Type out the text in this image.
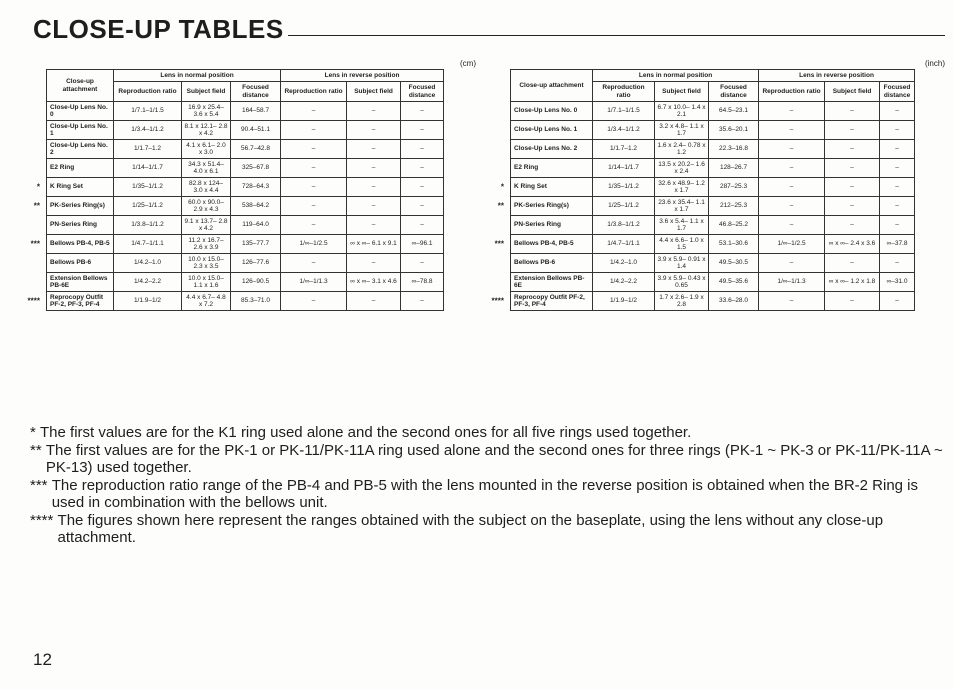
CLOSE-UP TABLES
(cm)
Close-up attachment	Lens in normal position			Lens in reverse position		
	Reproduction ratio	Subject field	Focused distance	Reproduction ratio	Subject field	Focused distance
Close-Up Lens No. 0	1/7.1–1/1.5	16.9 x 25.4– 3.6 x 5.4	164–58.7	–	–	–
Close-Up Lens No. 1	1/3.4–1/1.2	8.1 x 12.1– 2.8 x 4.2	90.4–51.1	–	–	–
Close-Up Lens No. 2	1/1.7–1.2	4.1 x 6.1– 2.0 x 3.0	56.7–42.8	–	–	–
E2 Ring	1/14–1/1.7	34.3 x 51.4– 4.0 x 6.1	325–67.8	–	–	–

* K Ring Set	1/35–1/1.2	82.8 x 124– 3.0 x 4.4	728–64.3	–	–	–

** PK-Series Ring(s)	1/25–1/1.2	60.0 x 90.0– 2.9 x 4.3	538–64.2	–	–	–
PN-Series Ring	1/3.8–1/1.2	9.1 x 13.7– 2.8 x 4.2	119–64.0	–	–	–

*** Bellows PB-4, PB-5	1/4.7–1/1.1	11.2 x 16.7– 2.6 x 3.9	135–77.7	1/∞–1/2.5	∞ x ∞– 6.1 x 9.1	∞–96.1
Bellows PB-6	1/4.2–1.0	10.0 x 15.0– 2.3 x 3.5	126–77.6	–	–	–
Extension Bellows PB-6E	1/4.2–2.2	10.0 x 15.0– 1.1 x 1.6	126–90.5	1/∞–1/1.3	∞ x ∞– 3.1 x 4.6	∞–78.8

**** Reprocopy Outfit PF-2, PF-3, PF-4	1/1.9–1/2	4.4 x 6.7– 4.8 x 7.2	85.3–71.0	–	–	–
(inch)
Close-up attachment	Lens in normal position			Lens in reverse position		
	Reproduction ratio	Subject field	Focused distance	Reproduction ratio	Subject field	Focused distance
Close-Up Lens No. 0	1/7.1–1/1.5	6.7 x 10.0– 1.4 x 2.1	64.5–23.1	–	–	–
Close-Up Lens No. 1	1/3.4–1/1.2	3.2 x 4.8– 1.1 x 1.7	35.6–20.1	–	–	–
Close-Up Lens No. 2	1/1.7–1.2	1.6 x 2.4– 0.78 x 1.2	22.3–16.8	–	–	–
E2 Ring	1/14–1/1.7	13.5 x 20.2– 1.6 x 2.4	128–26.7	–	–	–

* K Ring Set	1/35–1/1.2	32.6 x 48.9– 1.2 x 1.7	287–25.3	–	–	–

** PK-Series Ring(s)	1/25–1/1.2	23.6 x 35.4– 1.1 x 1.7	212–25.3	–	–	–
PN-Series Ring	1/3.8–1/1.2	3.6 x 5.4– 1.1 x 1.7	46.8–25.2	–	–	–

*** Bellows PB-4, PB-5	1/4.7–1/1.1	4.4 x 6.6– 1.0 x 1.5	53.1–30.6	1/∞–1/2.5	∞ x ∞– 2.4 x 3.6	∞–37.8
Bellows PB-6	1/4.2–1.0	3.9 x 5.9– 0.91 x 1.4	49.5–30.5	–	–	–
Extension Bellows PB-6E	1/4.2–2.2	3.9 x 5.9– 0.43 x 0.65	49.5–35.6	1/∞–1/1.3	∞ x ∞– 1.2 x 1.8	∞–31.0

**** Reprocopy Outfit PF-2, PF-3, PF-4	1/1.9–1/2	1.7 x 2.6– 1.9 x 2.8	33.6–28.0	–	–	–
* The first values are for the K1 ring used alone and the second ones for all five rings used together.
** The first values are for the PK-1 or PK-11/PK-11A ring used alone and the second ones for three rings (PK-1 ~ PK-3 or PK-11/PK-11A ~ PK-13) used together.
*** The reproduction ratio range of the PB-4 and PB-5 with the lens mounted in the reverse position is obtained when the BR-2 Ring is used in combination with the bellows unit.
**** The figures shown here represent the ranges obtained with the subject on the baseplate, using the lens without any close-up attachment.
12
